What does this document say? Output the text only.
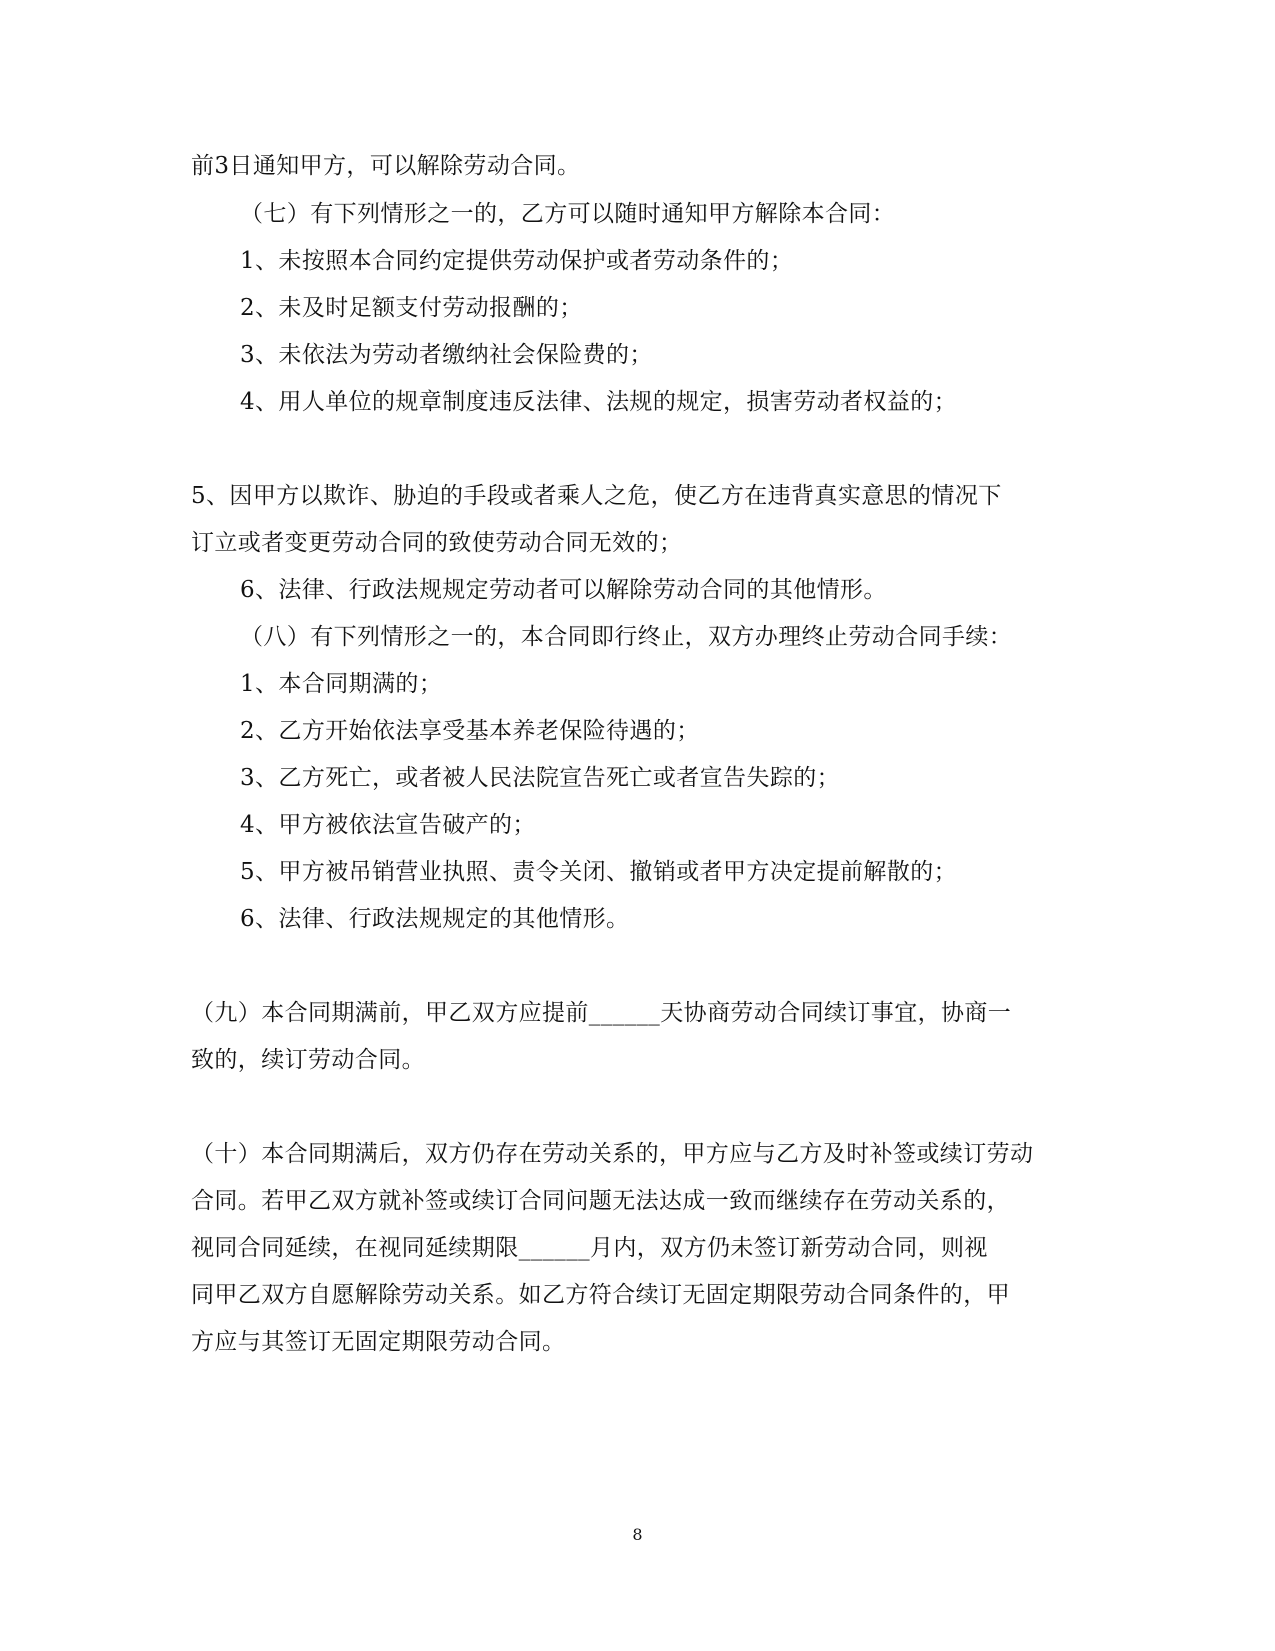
前3日通知甲方，可以解除劳动合同。
（七）有下列情形之一的，乙方可以随时通知甲方解除本合同：
1、未按照本合同约定提供劳动保护或者劳动条件的；
2、未及时足额支付劳动报酬的；
3、未依法为劳动者缴纳社会保险费的；
4、用人单位的规章制度违反法律、法规的规定，损害劳动者权益的；
5、因甲方以欺诈、胁迫的手段或者乘人之危，使乙方在违背真实意思的情况下
订立或者变更劳动合同的致使劳动合同无效的；
6、法律、行政法规规定劳动者可以解除劳动合同的其他情形。
（八）有下列情形之一的，本合同即行终止，双方办理终止劳动合同手续：
1、本合同期满的；
2、乙方开始依法享受基本养老保险待遇的；
3、乙方死亡，或者被人民法院宣告死亡或者宣告失踪的；
4、甲方被依法宣告破产的；
5、甲方被吊销营业执照、责令关闭、撤销或者甲方决定提前解散的；
6、法律、行政法规规定的其他情形。
（九）本合同期满前，甲乙双方应提前______天协商劳动合同续订事宜，协商一
致的，续订劳动合同。
（十）本合同期满后，双方仍存在劳动关系的，甲方应与乙方及时补签或续订劳动
合同。若甲乙双方就补签或续订合同问题无法达成一致而继续存在劳动关系的，
视同合同延续，在视同延续期限______月内，双方仍未签订新劳动合同，则视
同甲乙双方自愿解除劳动关系。如乙方符合续订无固定期限劳动合同条件的，甲
方应与其签订无固定期限劳动合同。
8
